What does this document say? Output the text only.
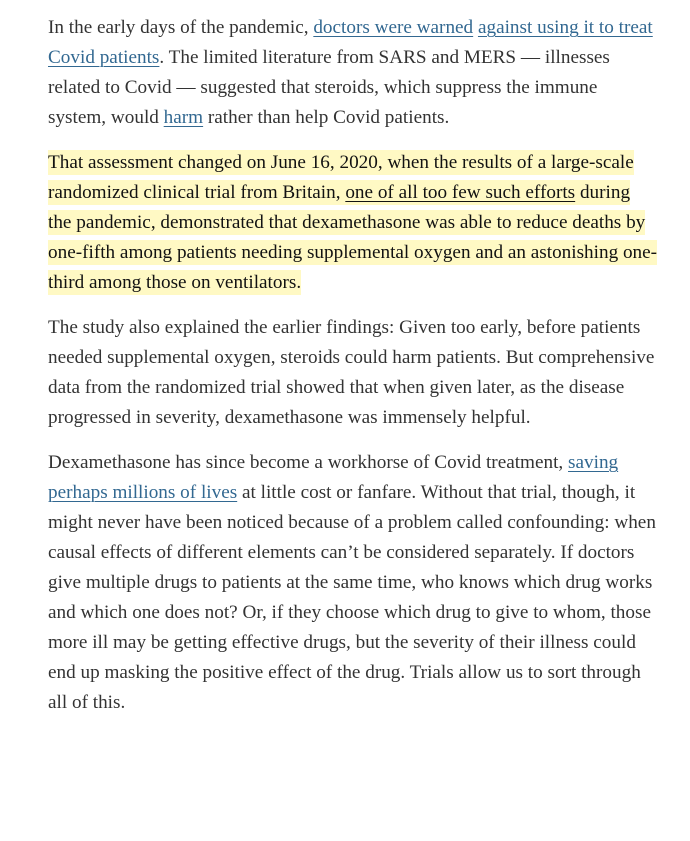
In the early days of the pandemic, doctors were warned against using it to treat Covid patients. The limited literature from SARS and MERS — illnesses related to Covid — suggested that steroids, which suppress the immune system, would harm rather than help Covid patients.

That assessment changed on June 16, 2020, when the results of a large-scale randomized clinical trial from Britain, one of all too few such efforts during the pandemic, demonstrated that dexamethasone was able to reduce deaths by one-fifth among patients needing supplemental oxygen and an astonishing one-third among those on ventilators.

The study also explained the earlier findings: Given too early, before patients needed supplemental oxygen, steroids could harm patients. But comprehensive data from the randomized trial showed that when given later, as the disease progressed in severity, dexamethasone was immensely helpful.

Dexamethasone has since become a workhorse of Covid treatment, saving perhaps millions of lives at little cost or fanfare. Without that trial, though, it might never have been noticed because of a problem called confounding: when causal effects of different elements can’t be considered separately. If doctors give multiple drugs to patients at the same time, who knows which drug works and which one does not? Or, if they choose which drug to give to whom, those more ill may be getting effective drugs, but the severity of their illness could end up masking the positive effect of the drug. Trials allow us to sort through all of this.
